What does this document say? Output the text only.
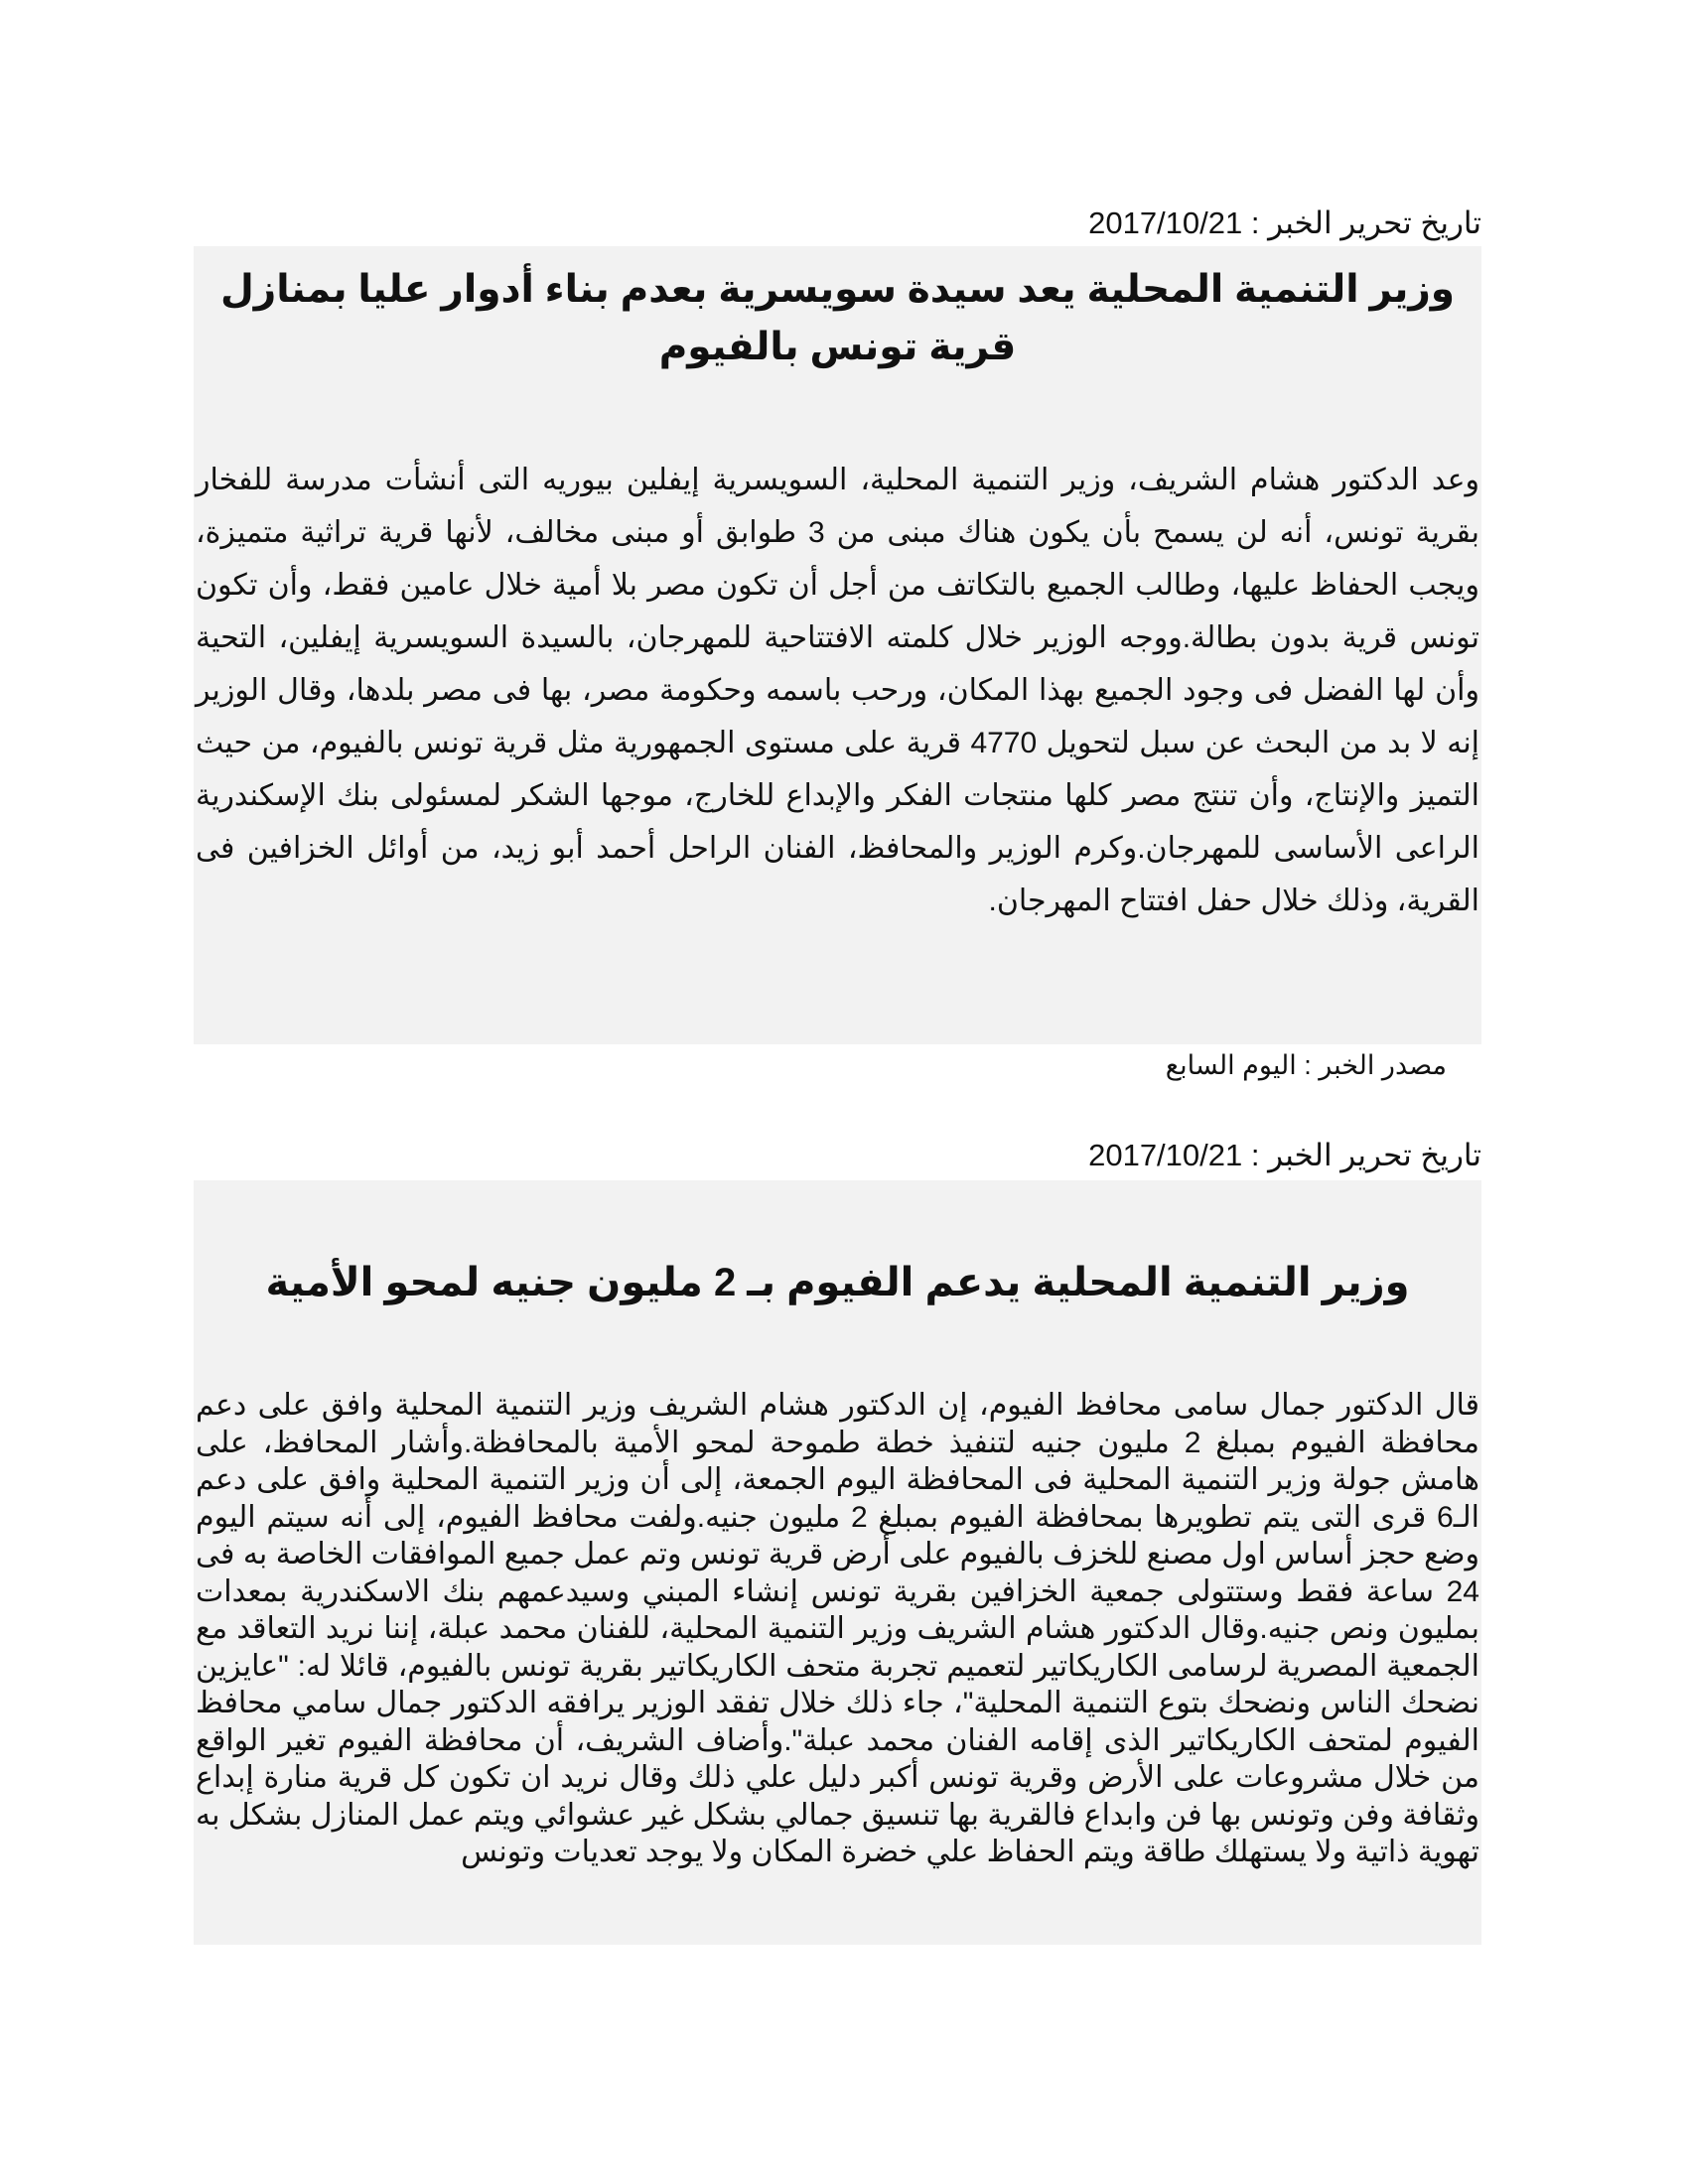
تاريخ تحرير الخبر : 2017/10/21
وزير التنمية المحلية يعد سيدة سويسرية بعدم بناء أدوار عليا بمنازل قرية تونس بالفيوم

وعد الدكتور هشام الشريف، وزير التنمية المحلية، السويسرية إيفلين بيوريه التى أنشأت مدرسة للفخار بقرية تونس، أنه لن يسمح بأن يكون هناك مبنى من 3 طوابق أو مبنى مخالف، لأنها قرية تراثية متميزة، ويجب الحفاظ عليها، وطالب الجميع بالتكاتف من أجل أن تكون مصر بلا أمية خلال عامين فقط، وأن تكون تونس قرية بدون بطالة.ووجه الوزير خلال كلمته الافتتاحية للمهرجان، بالسيدة السويسرية إيفلين، التحية وأن لها الفضل فى وجود الجميع بهذا المكان، ورحب باسمه وحكومة مصر، بها فى مصر بلدها، وقال الوزير إنه لا بد من البحث عن سبل لتحويل 4770 قرية على مستوى الجمهورية مثل قرية تونس بالفيوم، من حيث التميز والإنتاج، وأن تنتج مصر كلها منتجات الفكر والإبداع للخارج، موجها الشكر لمسئولى بنك الإسكندرية الراعى الأساسى للمهرجان.وكرم الوزير والمحافظ، الفنان الراحل أحمد أبو زيد، من أوائل الخزافين فى القرية، وذلك خلال حفل افتتاح المهرجان.

مصدر الخبر : اليوم السابع
تاريخ تحرير الخبر : 2017/10/21
وزير التنمية المحلية يدعم الفيوم بـ 2 مليون جنيه لمحو الأمية

قال الدكتور جمال سامى محافظ الفيوم، إن الدكتور هشام الشريف وزير التنمية المحلية وافق على دعم محافظة الفيوم بمبلغ 2 مليون جنيه لتنفيذ خطة طموحة لمحو الأمية بالمحافظة.وأشار المحافظ، على هامش جولة وزير التنمية المحلية فى المحافظة اليوم الجمعة، إلى أن وزير التنمية المحلية وافق على دعم الـ6 قرى التى يتم تطويرها بمحافظة الفيوم بمبلغ 2 مليون جنيه.ولفت محافظ الفيوم، إلى أنه سيتم اليوم وضع حجز أساس اول مصنع للخزف بالفيوم على أرض قرية تونس وتم عمل جميع الموافقات الخاصة به فى 24 ساعة فقط وستتولى جمعية الخزافين بقرية تونس إنشاء المبني وسيدعمهم بنك الاسكندرية بمعدات بمليون ونص جنيه.وقال الدكتور هشام الشريف وزير التنمية المحلية، للفنان محمد عبلة، إننا نريد التعاقد مع الجمعية المصرية لرسامى الكاريكاتير لتعميم تجربة متحف الكاريكاتير بقرية تونس بالفيوم، قائلا له: "عايزين نضحك الناس ونضحك بتوع التنمية المحلية"، جاء ذلك خلال تفقد الوزير يرافقه الدكتور جمال سامي محافظ الفيوم لمتحف الكاريكاتير الذى إقامه الفنان محمد عبلة".وأضاف الشريف، أن محافظة الفيوم تغير الواقع من خلال مشروعات على الأرض وقرية تونس أكبر دليل علي ذلك وقال نريد ان تكون كل قرية منارة إبداع وثقافة وفن وتونس بها فن وابداع فالقرية بها تنسيق جمالي بشكل غير عشوائي ويتم عمل المنازل بشكل به تهوية ذاتية ولا يستهلك طاقة ويتم الحفاظ علي خضرة المكان ولا يوجد تعديات وتونس
